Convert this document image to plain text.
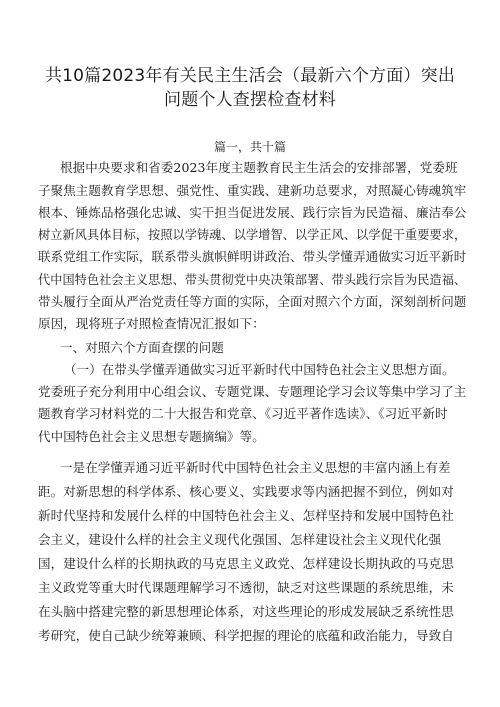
共10篇2023年有关民主生活会（最新六个方面）突出
问题个人查摆检查材料
篇一，共十篇
根据中央要求和省委2023年度主题教育民主生活会的安排部署，党委班
子聚焦主题教育学思想、强党性、重实践、建新功总要求，对照凝心铸魂筑牢
根本、锤炼品格强化忠诚、实干担当促进发展、践行宗旨为民造福、廉洁奉公
树立新风具体目标，按照以学铸魂、以学增智、以学正风、以学促干重要要求，
联系党组工作实际，联系带头旗帜鲜明讲政治、带头学懂弄通做实习近平新时
代中国特色社会主义思想、带头贯彻党中央决策部署、带头践行宗旨为民造福、
带头履行全面从严治党责任等方面的实际，全面对照六个方面，深刻剖析问题
原因，现将班子对照检查情况汇报如下：
一、对照六个方面查摆的问题
（一）在带头学懂弄通做实习近平新时代中国特色社会主义思想方面。
党委班子充分利用中心组会议、专题党课、专题理论学习会议等集中学习了主
题教育学习材料党的二十大报告和党章、《习近平著作选读》、《习近平新时
代中国特色社会主义思想专题摘编》等。
一是在学懂弄通习近平新时代中国特色社会主义思想的丰富内涵上有差
距。对新思想的科学体系、核心要义、实践要求等内涵把握不到位，例如对
新时代坚持和发展什么样的中国特色社会主义、怎样坚持和发展中国特色社
会主义，建设什么样的社会主义现代化强国、怎样建设社会主义现代化强
国，建设什么样的长期执政的马克思主义政党、怎样建设长期执政的马克思
主义政党等重大时代课题理解学习不透彻，缺乏对这些课题的系统思维，未
在头脑中搭建完整的新思想理论体系，对这些理论的形成发展缺乏系统性思
考研究，使自己缺少统筹兼顾、科学把握的理论的底蕴和政治能力，导致自
